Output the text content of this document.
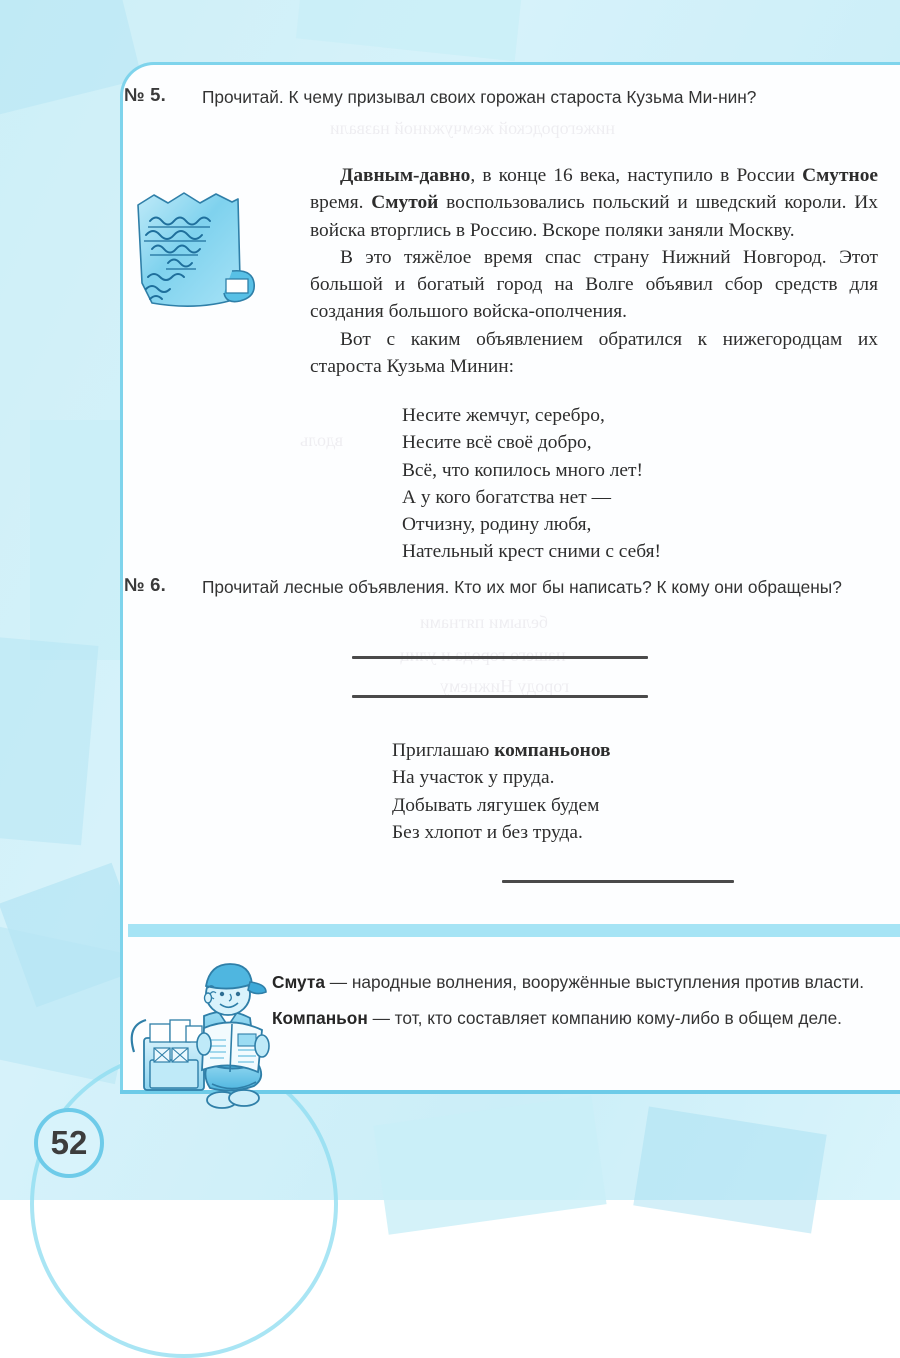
№ 5.	Прочитай. К чему призывал своих горожан староста Кузьма Ми-нин?

Давным-давно, в конце 16 века, наступило в России Смутное время. Смутой воспользовались польский и шведский короли. Их войска вторглись в Россию. Вскоре поляки заняли Москву.

В это тяжёлое время спас страну Нижний Новгород. Этот большой и богатый город на Волге объявил сбор средств для создания большого войска-ополчения.

Вот с каким объявлением обратился к нижегородцам их староста Кузьма Минин:

Несите жемчуг, серебро,
Несите всё своё добро,
Всё, что копилось много лет!
А у кого богатства нет —
Отчизну, родину любя,
Нательный крест сними с себя!
№ 6.	Прочитай лесные объявления. Кто их мог бы написать? К кому они обращены?
Приглашаю компаньонов
На участок у пруда.
Добывать лягушек будем
Без хлопот и без труда.
Смута — народные волнения, вооружённые выступления против власти.
Компаньон — тот, кто составляет компанию кому-либо в общем деле.
52
